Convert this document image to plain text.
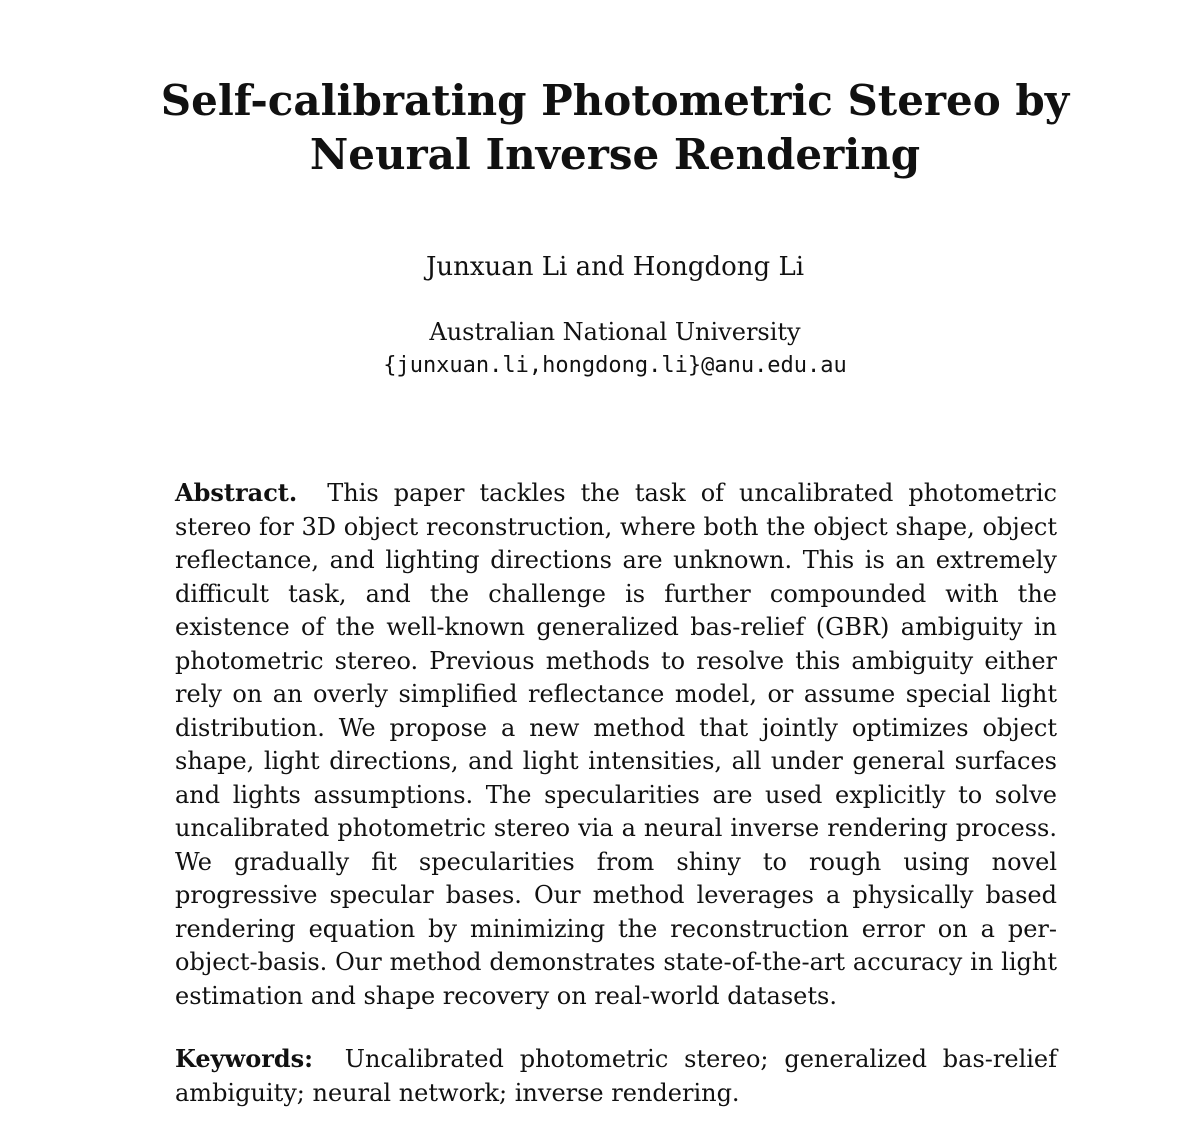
Self-calibrating Photometric Stereo by Neural Inverse Rendering

Junxuan Li and Hongdong Li

Australian National University

{junxuan.li,hongdong.li}@anu.edu.au

Abstract. This paper tackles the task of uncalibrated photometric stereo for 3D object reconstruction, where both the object shape, object reflectance, and lighting directions are unknown. This is an extremely difficult task, and the challenge is further compounded with the existence of the well-known generalized bas-relief (GBR) ambiguity in photometric stereo. Previous methods to resolve this ambiguity either rely on an overly simplified reflectance model, or assume special light distribution. We propose a new method that jointly optimizes object shape, light directions, and light intensities, all under general surfaces and lights assumptions. The specularities are used explicitly to solve uncalibrated photometric stereo via a neural inverse rendering process. We gradually fit specularities from shiny to rough using novel progressive specular bases. Our method leverages a physically based rendering equation by minimizing the reconstruction error on a per-object-basis. Our method demonstrates state-of-the-art accuracy in light estimation and shape recovery on real-world datasets.

Keywords: Uncalibrated photometric stereo; generalized bas-relief ambiguity; neural network; inverse rendering.
